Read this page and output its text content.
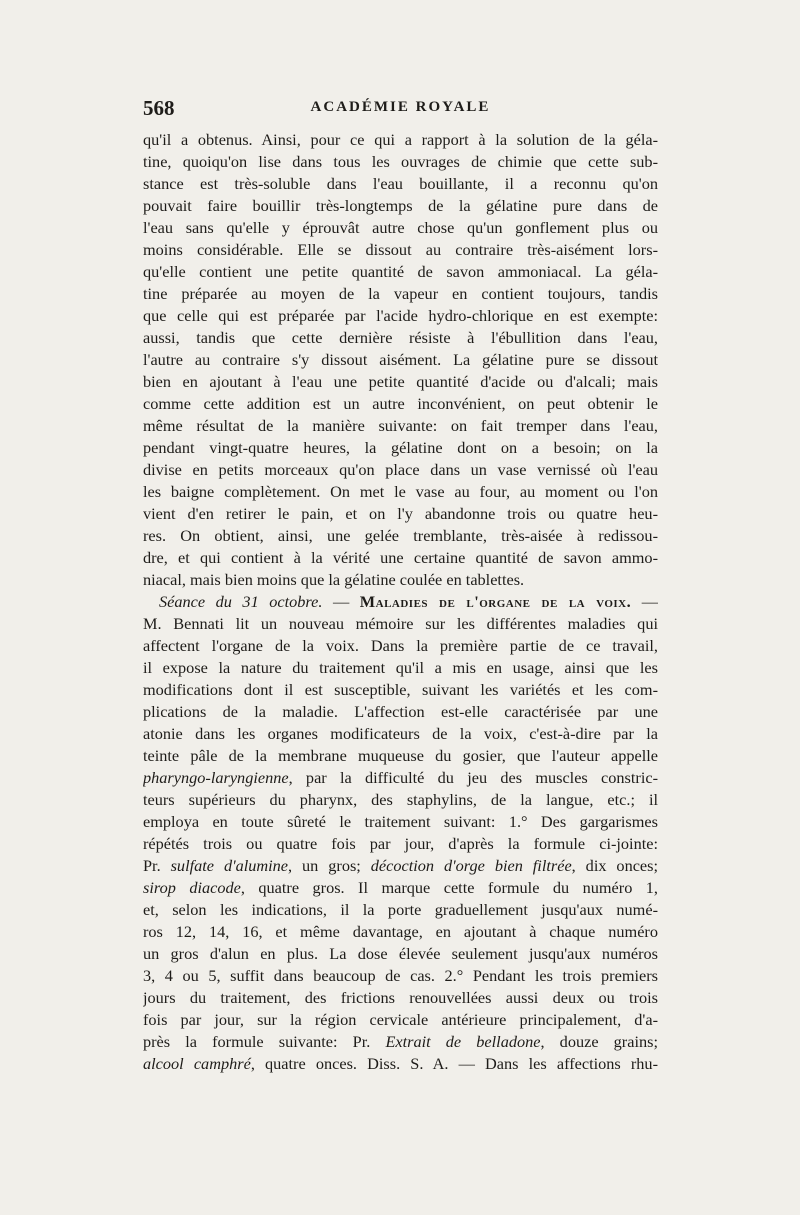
568	ACADÉMIE ROYALE
qu'il a obtenus. Ainsi, pour ce qui a rapport à la solution de la géla-
tine, quoiqu'on lise dans tous les ouvrages de chimie que cette sub-
stance est très-soluble dans l'eau bouillante, il a reconnu qu'on
pouvait faire bouillir très-longtemps de la gélatine pure dans de
l'eau sans qu'elle y éprouvât autre chose qu'un gonflement plus ou
moins considérable. Elle se dissout au contraire très-aisément lors-
qu'elle contient une petite quantité de savon ammoniacal. La géla-
tine préparée au moyen de la vapeur en contient toujours, tandis
que celle qui est préparée par l'acide hydro-chlorique en est exempte:
aussi, tandis que cette dernière résiste à l'ébullition dans l'eau,
l'autre au contraire s'y dissout aisément. La gélatine pure se dissout
bien en ajoutant à l'eau une petite quantité d'acide ou d'alcali; mais
comme cette addition est un autre inconvénient, on peut obtenir le
même résultat de la manière suivante: on fait tremper dans l'eau,
pendant vingt-quatre heures, la gélatine dont on a besoin; on la
divise en petits morceaux qu'on place dans un vase vernissé où l'eau
les baigne complètement. On met le vase au four, au moment ou l'on
vient d'en retirer le pain, et on l'y abandonne trois ou quatre heu-
res. On obtient, ainsi, une gelée tremblante, très-aisée à redissou-
dre, et qui contient à la vérité une certaine quantité de savon ammo-
niacal, mais bien moins que la gélatine coulée en tablettes.
Séance du 31 octobre. — Maladies de l'organe de la voix. —
M. Bennati lit un nouveau mémoire sur les différentes maladies qui
affectent l'organe de la voix. Dans la première partie de ce travail,
il expose la nature du traitement qu'il a mis en usage, ainsi que les
modifications dont il est susceptible, suivant les variétés et les com-
plications de la maladie. L'affection est-elle caractérisée par une
atonie dans les organes modificateurs de la voix, c'est-à-dire par la
teinte pâle de la membrane muqueuse du gosier, que l'auteur appelle
pharyngo-laryngienne, par la difficulté du jeu des muscles constric-
teurs supérieurs du pharynx, des staphylins, de la langue, etc.; il
employa en toute sûreté le traitement suivant: 1.° Des gargarismes
répétés trois ou quatre fois par jour, d'après la formule ci-jointe:
Pr. sulfate d'alumine, un gros; décoction d'orge bien filtrée, dix onces;
sirop diacode, quatre gros. Il marque cette formule du numéro 1,
et, selon les indications, il la porte graduellement jusqu'aux numé-
ros 12, 14, 16, et même davantage, en ajoutant à chaque numéro
un gros d'alun en plus. La dose élevée seulement jusqu'aux numéros
3, 4 ou 5, suffit dans beaucoup de cas. 2.° Pendant les trois premiers
jours du traitement, des frictions renouvellées aussi deux ou trois
fois par jour, sur la région cervicale antérieure principalement, d'a-
près la formule suivante: Pr. Extrait de belladone, douze grains;
alcool camphré, quatre onces. Diss. S. A. — Dans les affections rhu-
